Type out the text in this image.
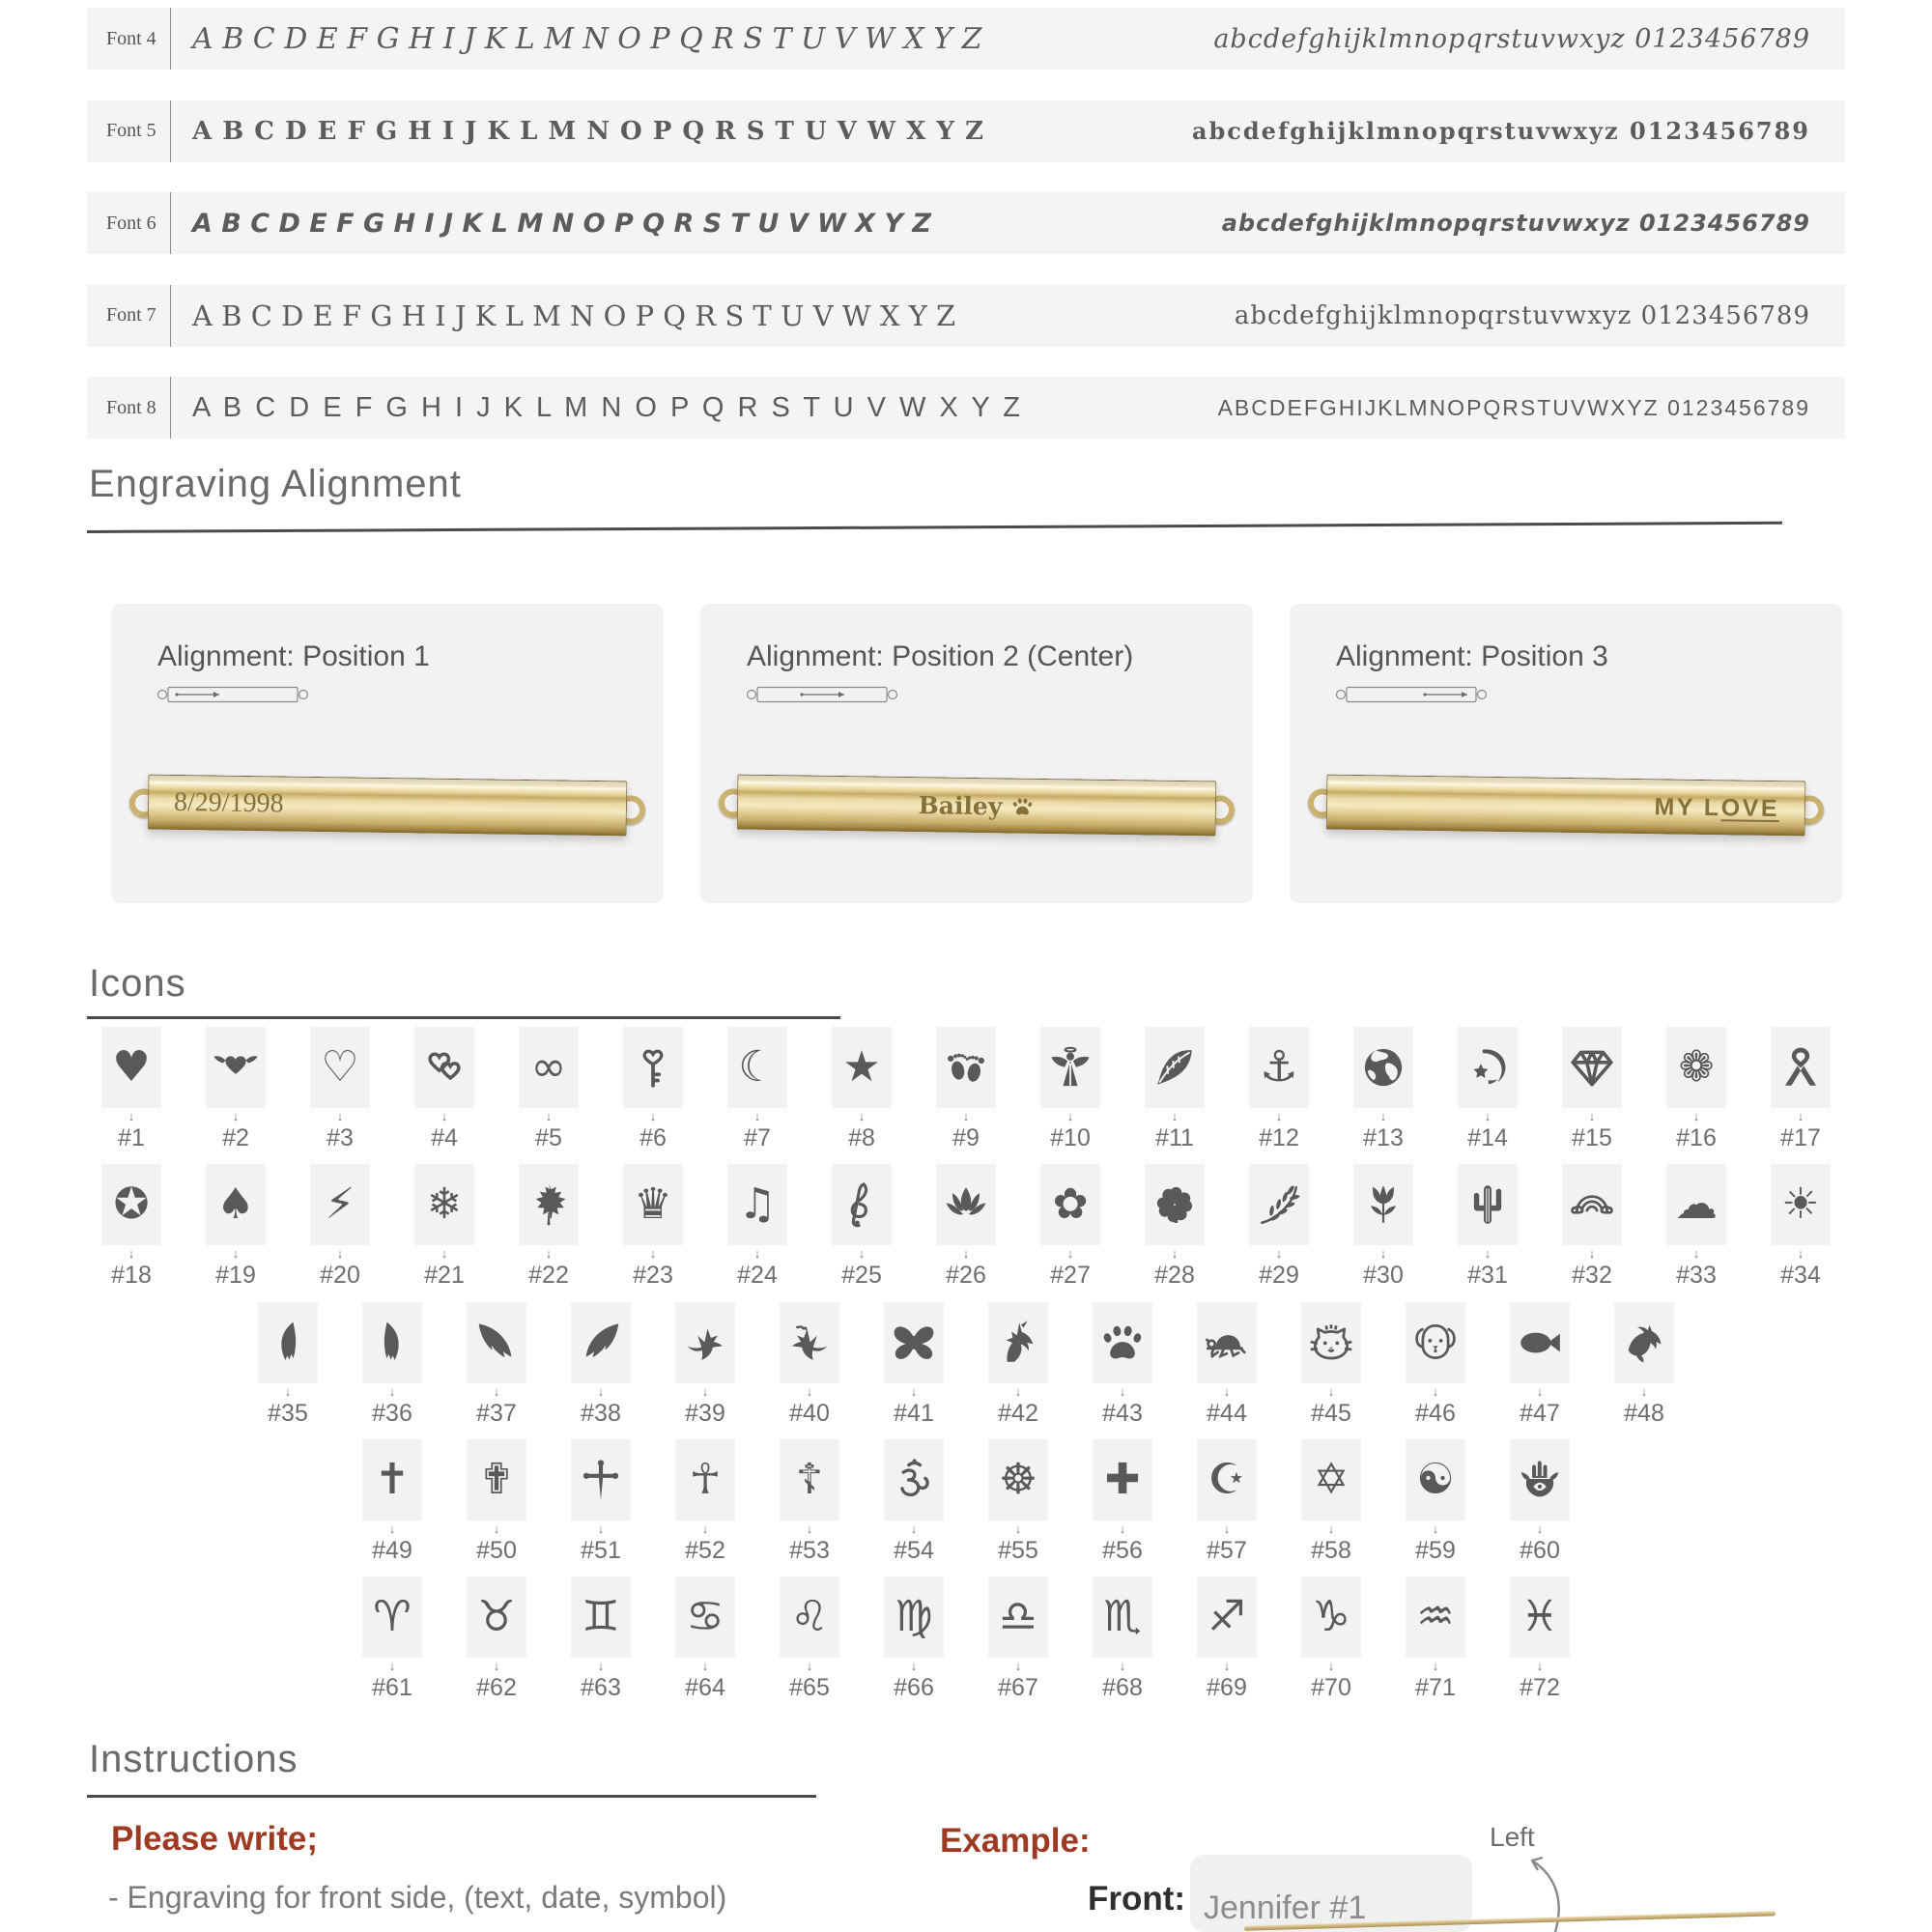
Font 4	A B C D E F G H I J K L M N O P Q R S T U V W X Y Z	abcdefghijklmnopqrstuvwxyz 0123456789
Font 5	A B C D E F G H I J K L M N O P Q R S T U V W X Y Z	abcdefghijklmnopqrstuvwxyz 0123456789
Font 6	A B C D E F G H I J K L M N O P Q R S T U V W X Y Z	abcdefghijklmnopqrstuvwxyz 0123456789
Font 7	A B C D E F G H I J K L M N O P Q R S T U V W X Y Z	abcdefghijklmnopqrstuvwxyz 0123456789
Font 8	A B C D E F G H I J K L M N O P Q R S T U V W X Y Z	ABCDEFGHIJKLMNOPQRSTUVWXYZ 0123456789
Engraving Alignment
Alignment: Position 1
8/29/1998
Alignment: Position 2 (Center)
Bailey
Alignment: Position 3
MY L OVE
Icons
♥
↓
#1
↓
#2
♡
↓
#3
↓
#4
∞
↓
#5
↓
#6
☾
↓
#7
★
↓
#8
↓
#9
↓
#10
↓
#11
⚓
↓
#12
↓
#13
↓
#14
↓
#15
❁
↓
#16
↓
#17
✪
↓
#18
♠
↓
#19
⚡
↓
#20
❄
↓
#21
↓
#22
♛
↓
#23
♫
↓
#24
↓
#25
↓
#26
✿
↓
#27
↓
#28
↓
#29
↓
#30
↓
#31
↓
#32
☁
↓
#33
☀
↓
#34
↓
#35
↓
#36
↓
#37
↓
#38
↓
#39
↓
#40
↓
#41
↓
#42
↓
#43
↓
#44
↓
#45
↓
#46
↓
#47
↓
#48
✝
↓
#49
✟
↓
#50
↓
#51
☥
↓
#52
☦
↓
#53
↓
#54
☸
↓
#55
✚
↓
#56
☪
↓
#57
✡
↓
#58
☯
↓
#59
↓
#60
♈
↓
#61
♉
↓
#62
♊
↓
#63
♋
↓
#64
♌
↓
#65
♍
↓
#66
♎
↓
#67
♏
↓
#68
♐
↓
#69
♑
↓
#70
♒
↓
#71
♓
↓
#72
Instructions
Please write;
- Engraving for front side, (text, date, symbol)
Example:
Front: Jennifer #1
Left
